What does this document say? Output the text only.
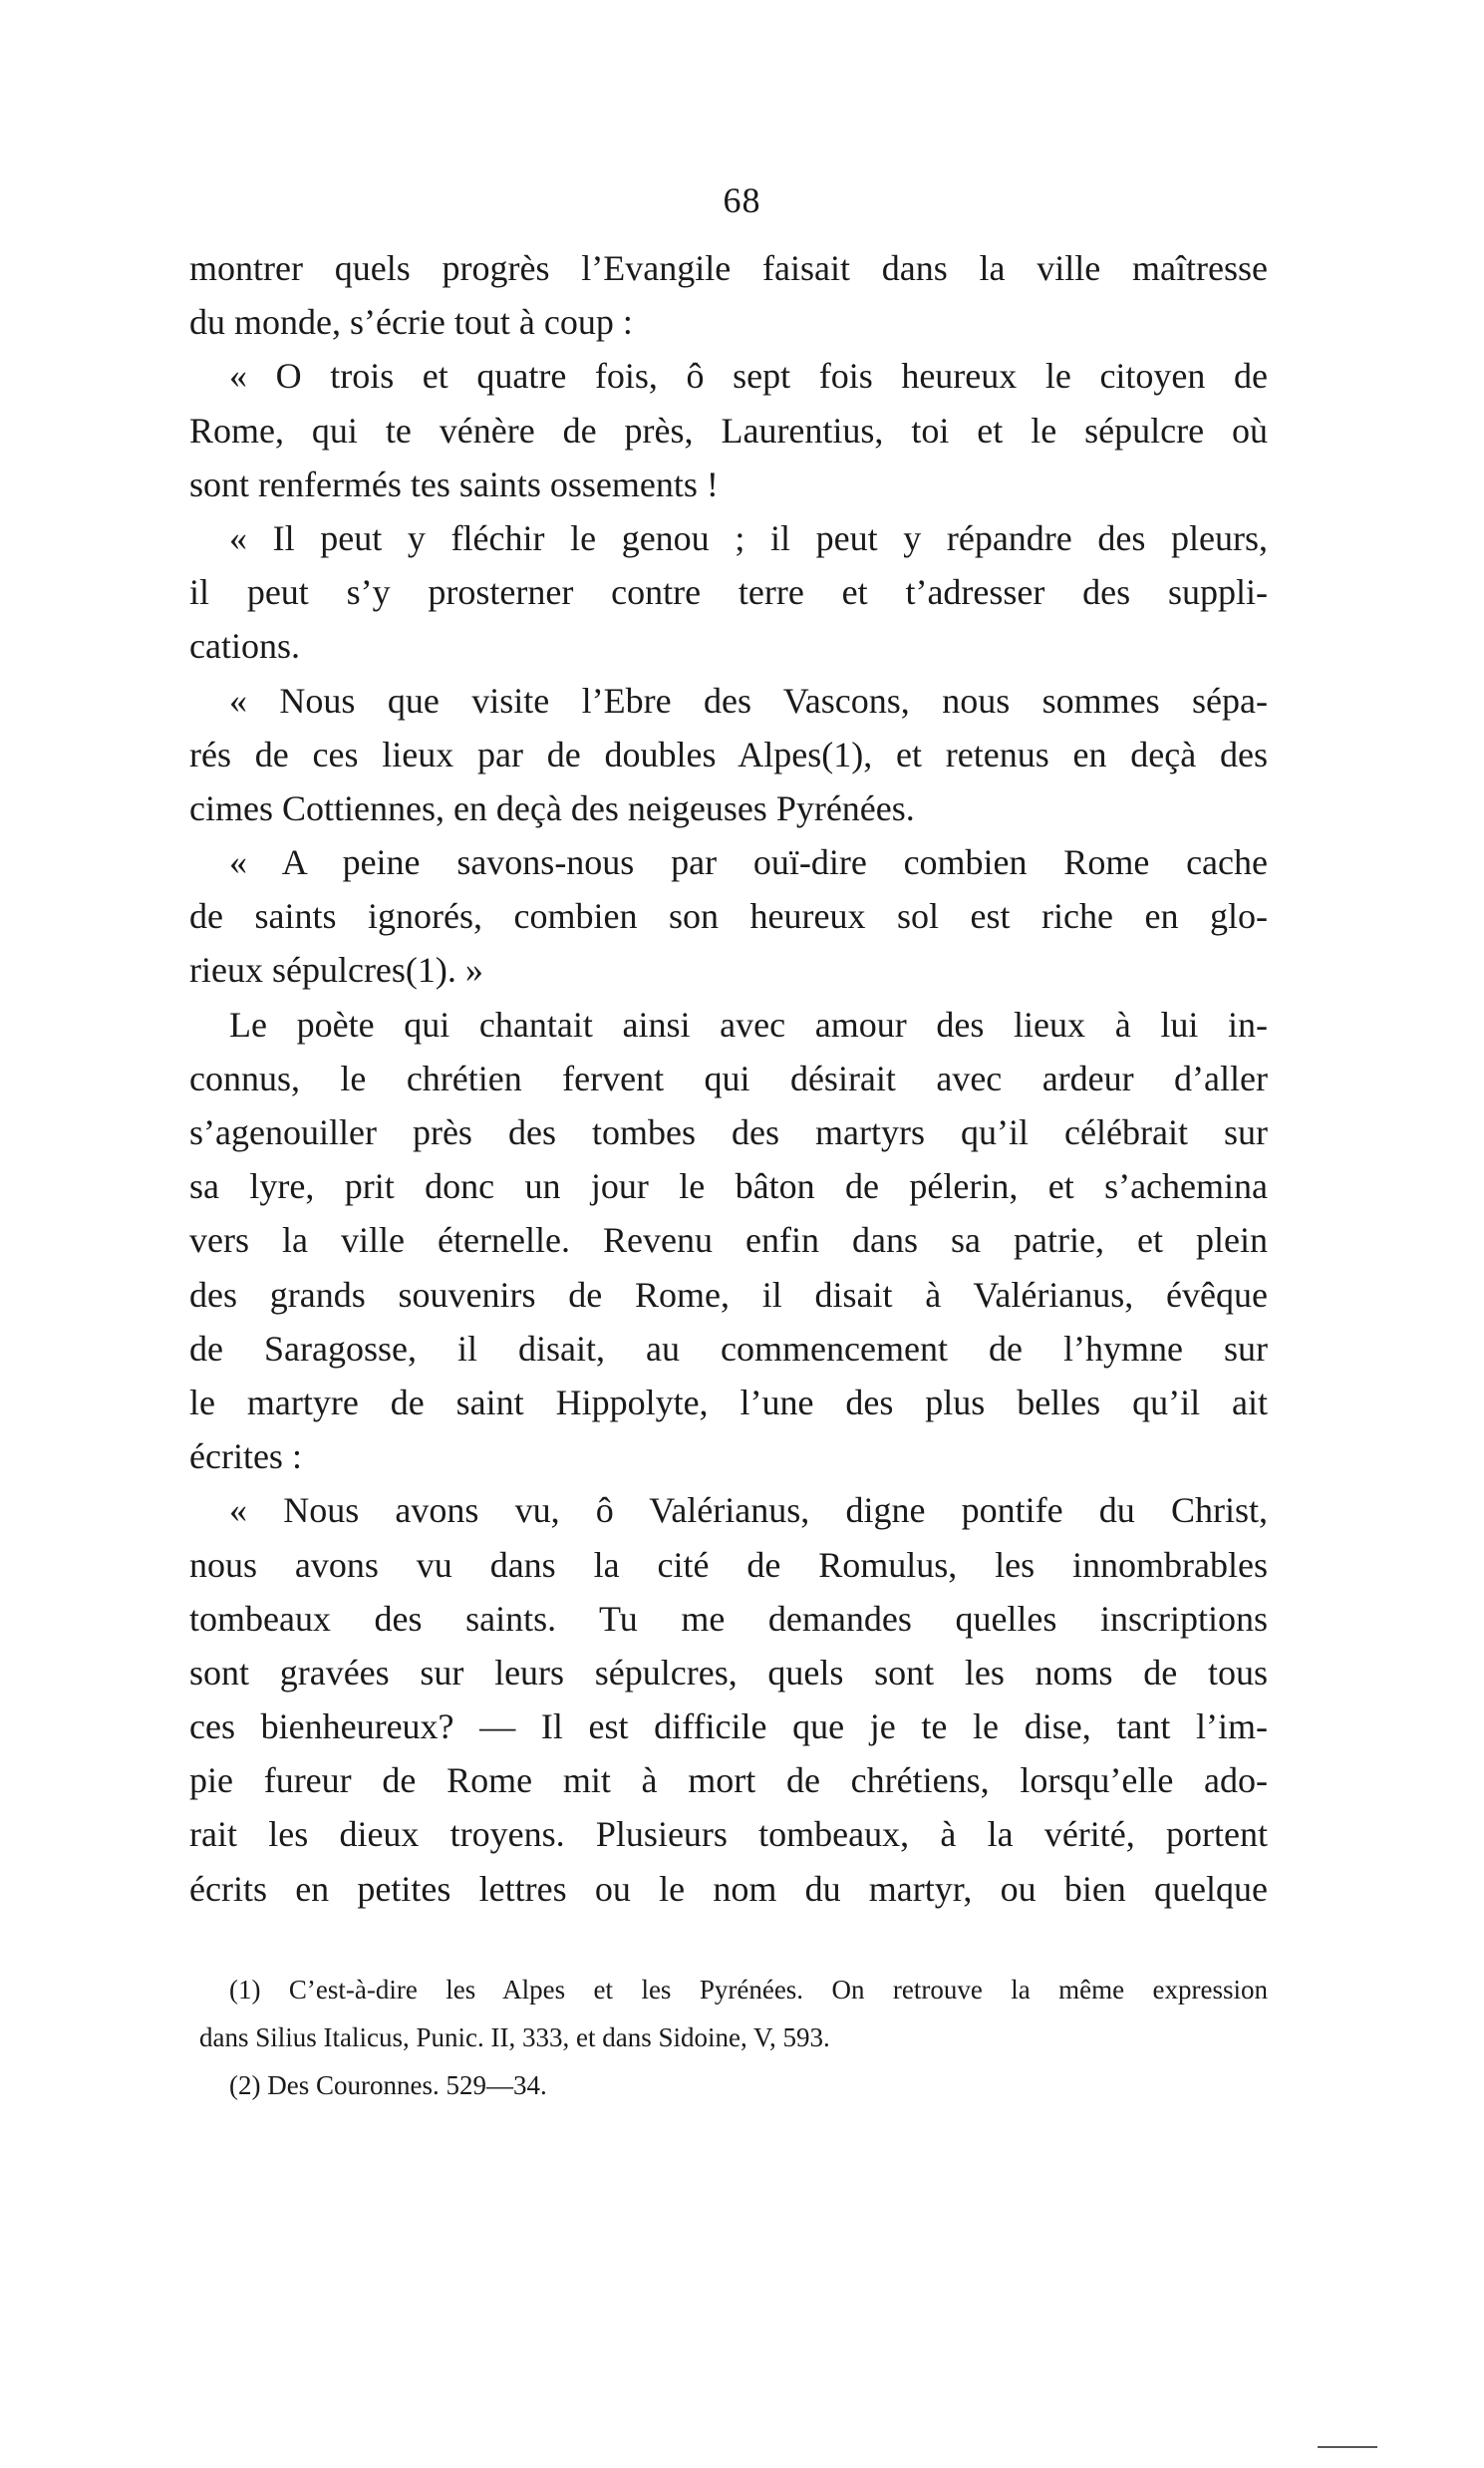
68
montrer quels progrès l’Evangile faisait dans la ville maîtresse
du monde, s’écrie tout à coup :
« O trois et quatre fois, ô sept fois heureux le citoyen de
Rome, qui te vénère de près, Laurentius, toi et le sépulcre où
sont renfermés tes saints ossements !
« Il peut y fléchir le genou ; il peut y répandre des pleurs,
il peut s’y prosterner contre terre et t’adresser des suppli-
cations.
« Nous que visite l’Ebre des Vascons, nous sommes sépa-
rés de ces lieux par de doubles Alpes(1), et retenus en deçà des
cimes Cottiennes, en deçà des neigeuses Pyrénées.
« A peine savons-nous par ouï-dire combien Rome cache
de saints ignorés, combien son heureux sol est riche en glo-
rieux sépulcres(1). »
Le poète qui chantait ainsi avec amour des lieux à lui in-
connus, le chrétien fervent qui désirait avec ardeur d’aller
s’agenouiller près des tombes des martyrs qu’il célébrait sur
sa lyre, prit donc un jour le bâton de pélerin, et s’achemina
vers la ville éternelle. Revenu enfin dans sa patrie, et plein
des grands souvenirs de Rome, il disait à Valérianus, évêque
de Saragosse, il disait, au commencement de l’hymne sur
le martyre de saint Hippolyte, l’une des plus belles qu’il ait
écrites :
« Nous avons vu, ô Valérianus, digne pontife du Christ,
nous avons vu dans la cité de Romulus, les innombrables
tombeaux des saints. Tu me demandes quelles inscriptions
sont gravées sur leurs sépulcres, quels sont les noms de tous
ces bienheureux? — Il est difficile que je te le dise, tant l’im-
pie fureur de Rome mit à mort de chrétiens, lorsqu’elle ado-
rait les dieux troyens. Plusieurs tombeaux, à la vérité, portent
écrits en petites lettres ou le nom du martyr, ou bien quelque
(1) C’est-à-dire les Alpes et les Pyrénées. On retrouve la même expression
dans Silius Italicus, Punic. II, 333, et dans Sidoine, V, 593.
(2) Des Couronnes. 529—34.
